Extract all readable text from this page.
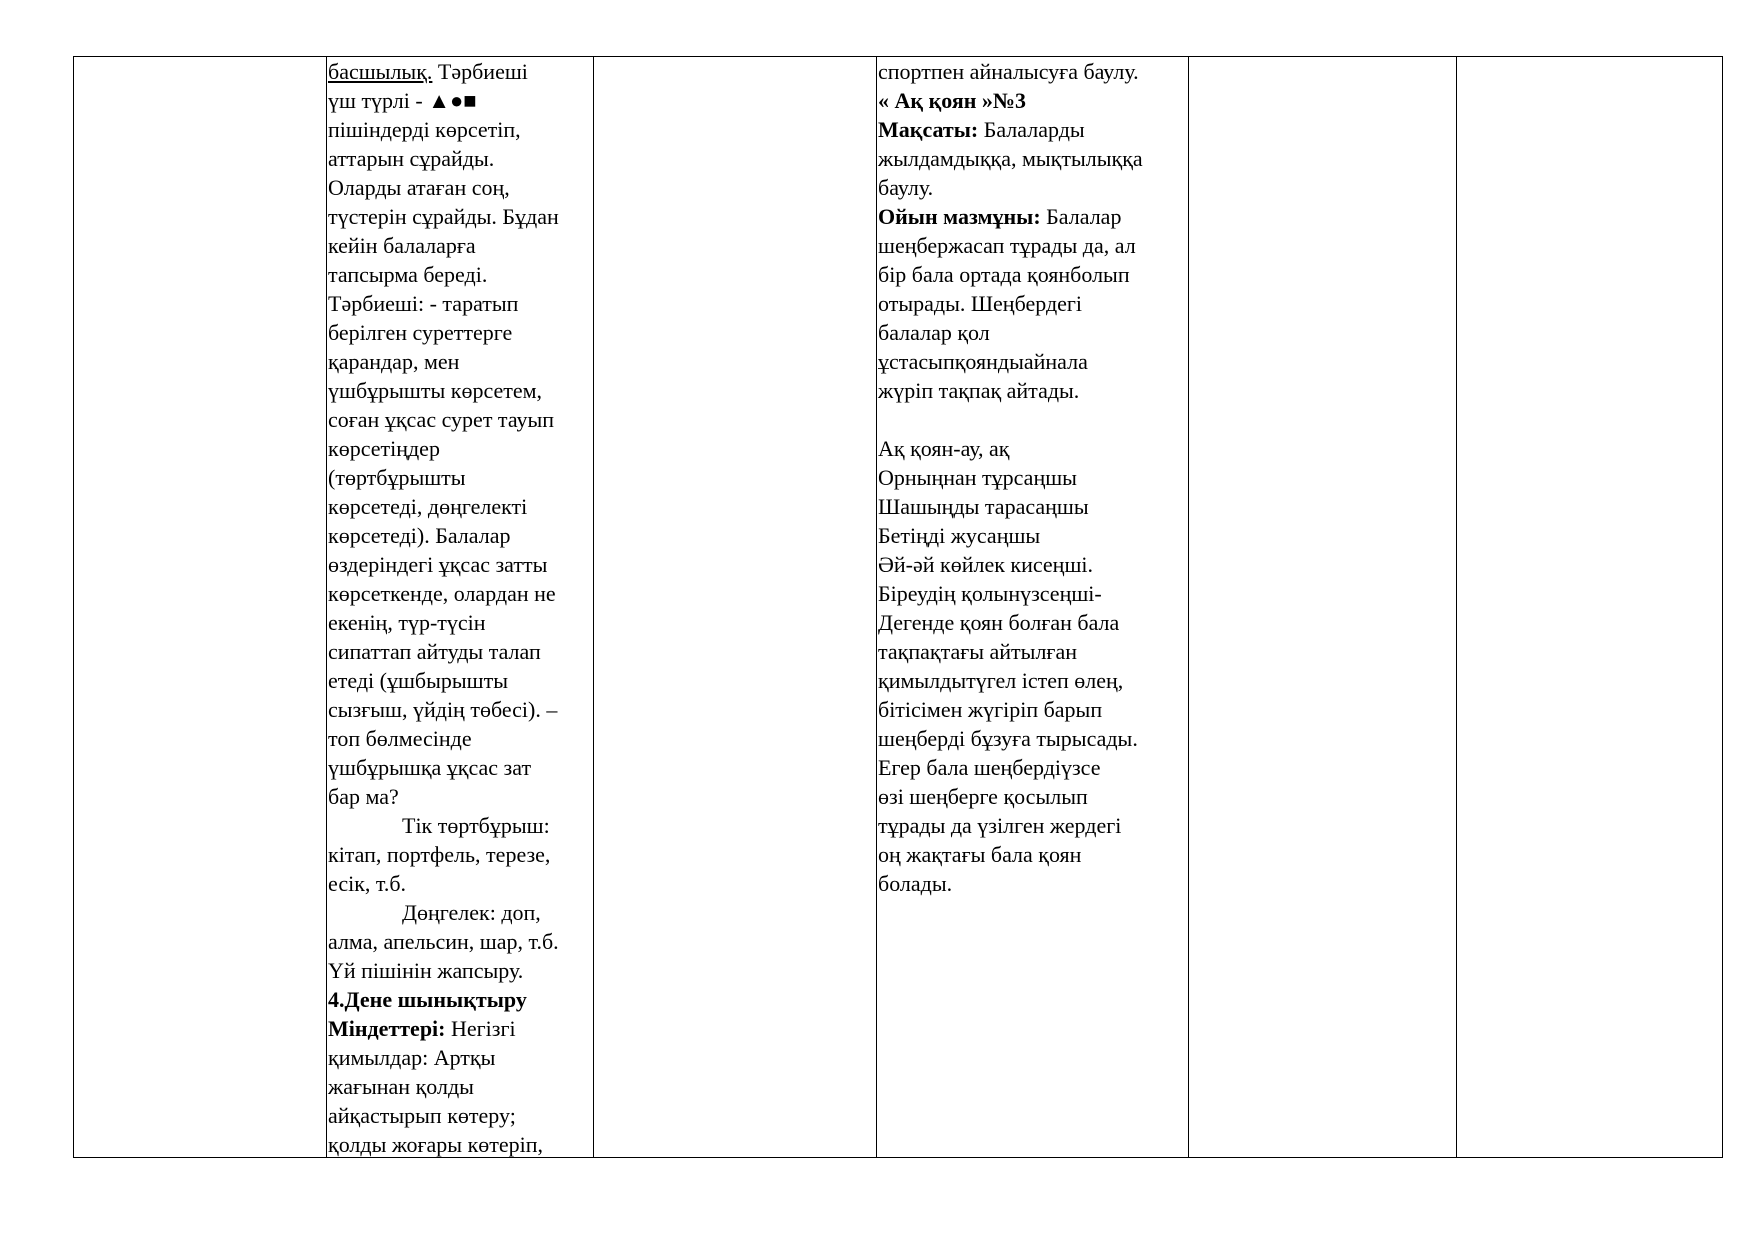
басшылық. Тәрбиеші
үш түрлі - ▲●■
пішіндерді көрсетіп,
аттарын сұрайды.
Оларды атаған соң,
түстерін сұрайды. Бұдан
кейін балаларға
тапсырма береді.
Тәрбиеші: - таратып
берілген суреттерге
қарандар, мен
үшбұрышты көрсетем,
соған ұқсас сурет тауып
көрсетіңдер
(төртбұрышты
көрсетеді, дөңгелекті
көрсетеді). Балалар
өздеріндегі ұқсас затты
көрсеткенде, олардан не
екенің, түр-түсін
сипаттап айтуды талап
етеді (ұшбырышты
сызғыш, үйдің төбесі). –
топ бөлмесінде
үшбұрышқа ұқсас зат
бар ма?
Тік төртбұрыш:
кітап, портфель, терезе,
есік, т.б.
Дөңгелек: доп,
алма, апельсин, шар, т.б.
Үй пішінін жапсыру.
4.Дене шынықтыру
Міндеттері: Негізгі
қимылдар: Артқы
жағынан қолды
айқастырып көтеру;
қолды жоғары көтеріп,
спортпен айналысуға баулу.
« Ақ қоян »№3
Мақсаты: Балаларды
жылдамдыққа, мықтылыққа
баулу.
Ойын мазмұны: Балалар
шеңбержасап тұрады да, ал
бір бала ортада қоянболып
отырады. Шеңбердегі
балалар қол
ұстасыпқояндыайнала
жүріп тақпақ айтады.
Ақ қоян-ау, ақ
Орныңнан тұрсаңшы
Шашыңды тарасаңшы
Бетіңді жусаңшы
Әй-әй көйлек кисеңші.
Біреудің қолынүзсеңші-
Дегенде қоян болған бала
тақпақтағы айтылған
қимылдытүгел істеп өлең,
бітісімен жүгіріп барып
шеңберді бұзуға тырысады.
Егер бала шеңбердіүзсе
өзі шеңберге қосылып
тұрады да үзілген жердегі
оң жақтағы бала қоян
болады.
